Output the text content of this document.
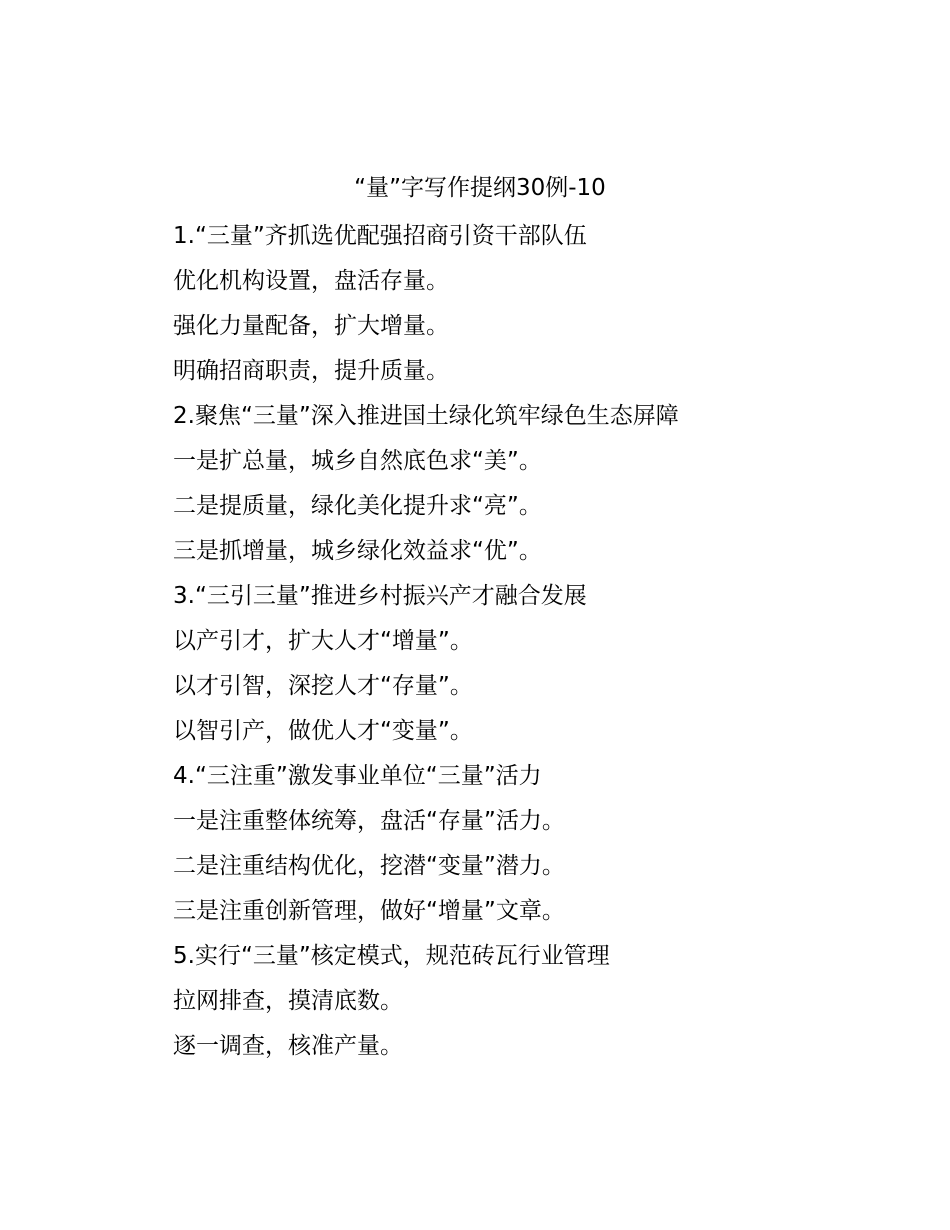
“量”字写作提纲30例-10
1.“三量”齐抓选优配强招商引资干部队伍
优化机构设置，盘活存量。
强化力量配备，扩大增量。
明确招商职责，提升质量。
2.聚焦“三量”深入推进国土绿化筑牢绿色生态屏障
一是扩总量，城乡自然底色求“美”。
二是提质量，绿化美化提升求“亮”。
三是抓增量，城乡绿化效益求“优”。
3.“三引三量”推进乡村振兴产才融合发展
以产引才，扩大人才“增量”。
以才引智，深挖人才“存量”。
以智引产，做优人才“变量”。
4.“三注重”激发事业单位“三量”活力
一是注重整体统筹，盘活“存量”活力。
二是注重结构优化，挖潜“变量”潜力。
三是注重创新管理，做好“增量”文章。
5.实行“三量”核定模式，规范砖瓦行业管理
拉网排查，摸清底数。
逐一调查，核准产量。
